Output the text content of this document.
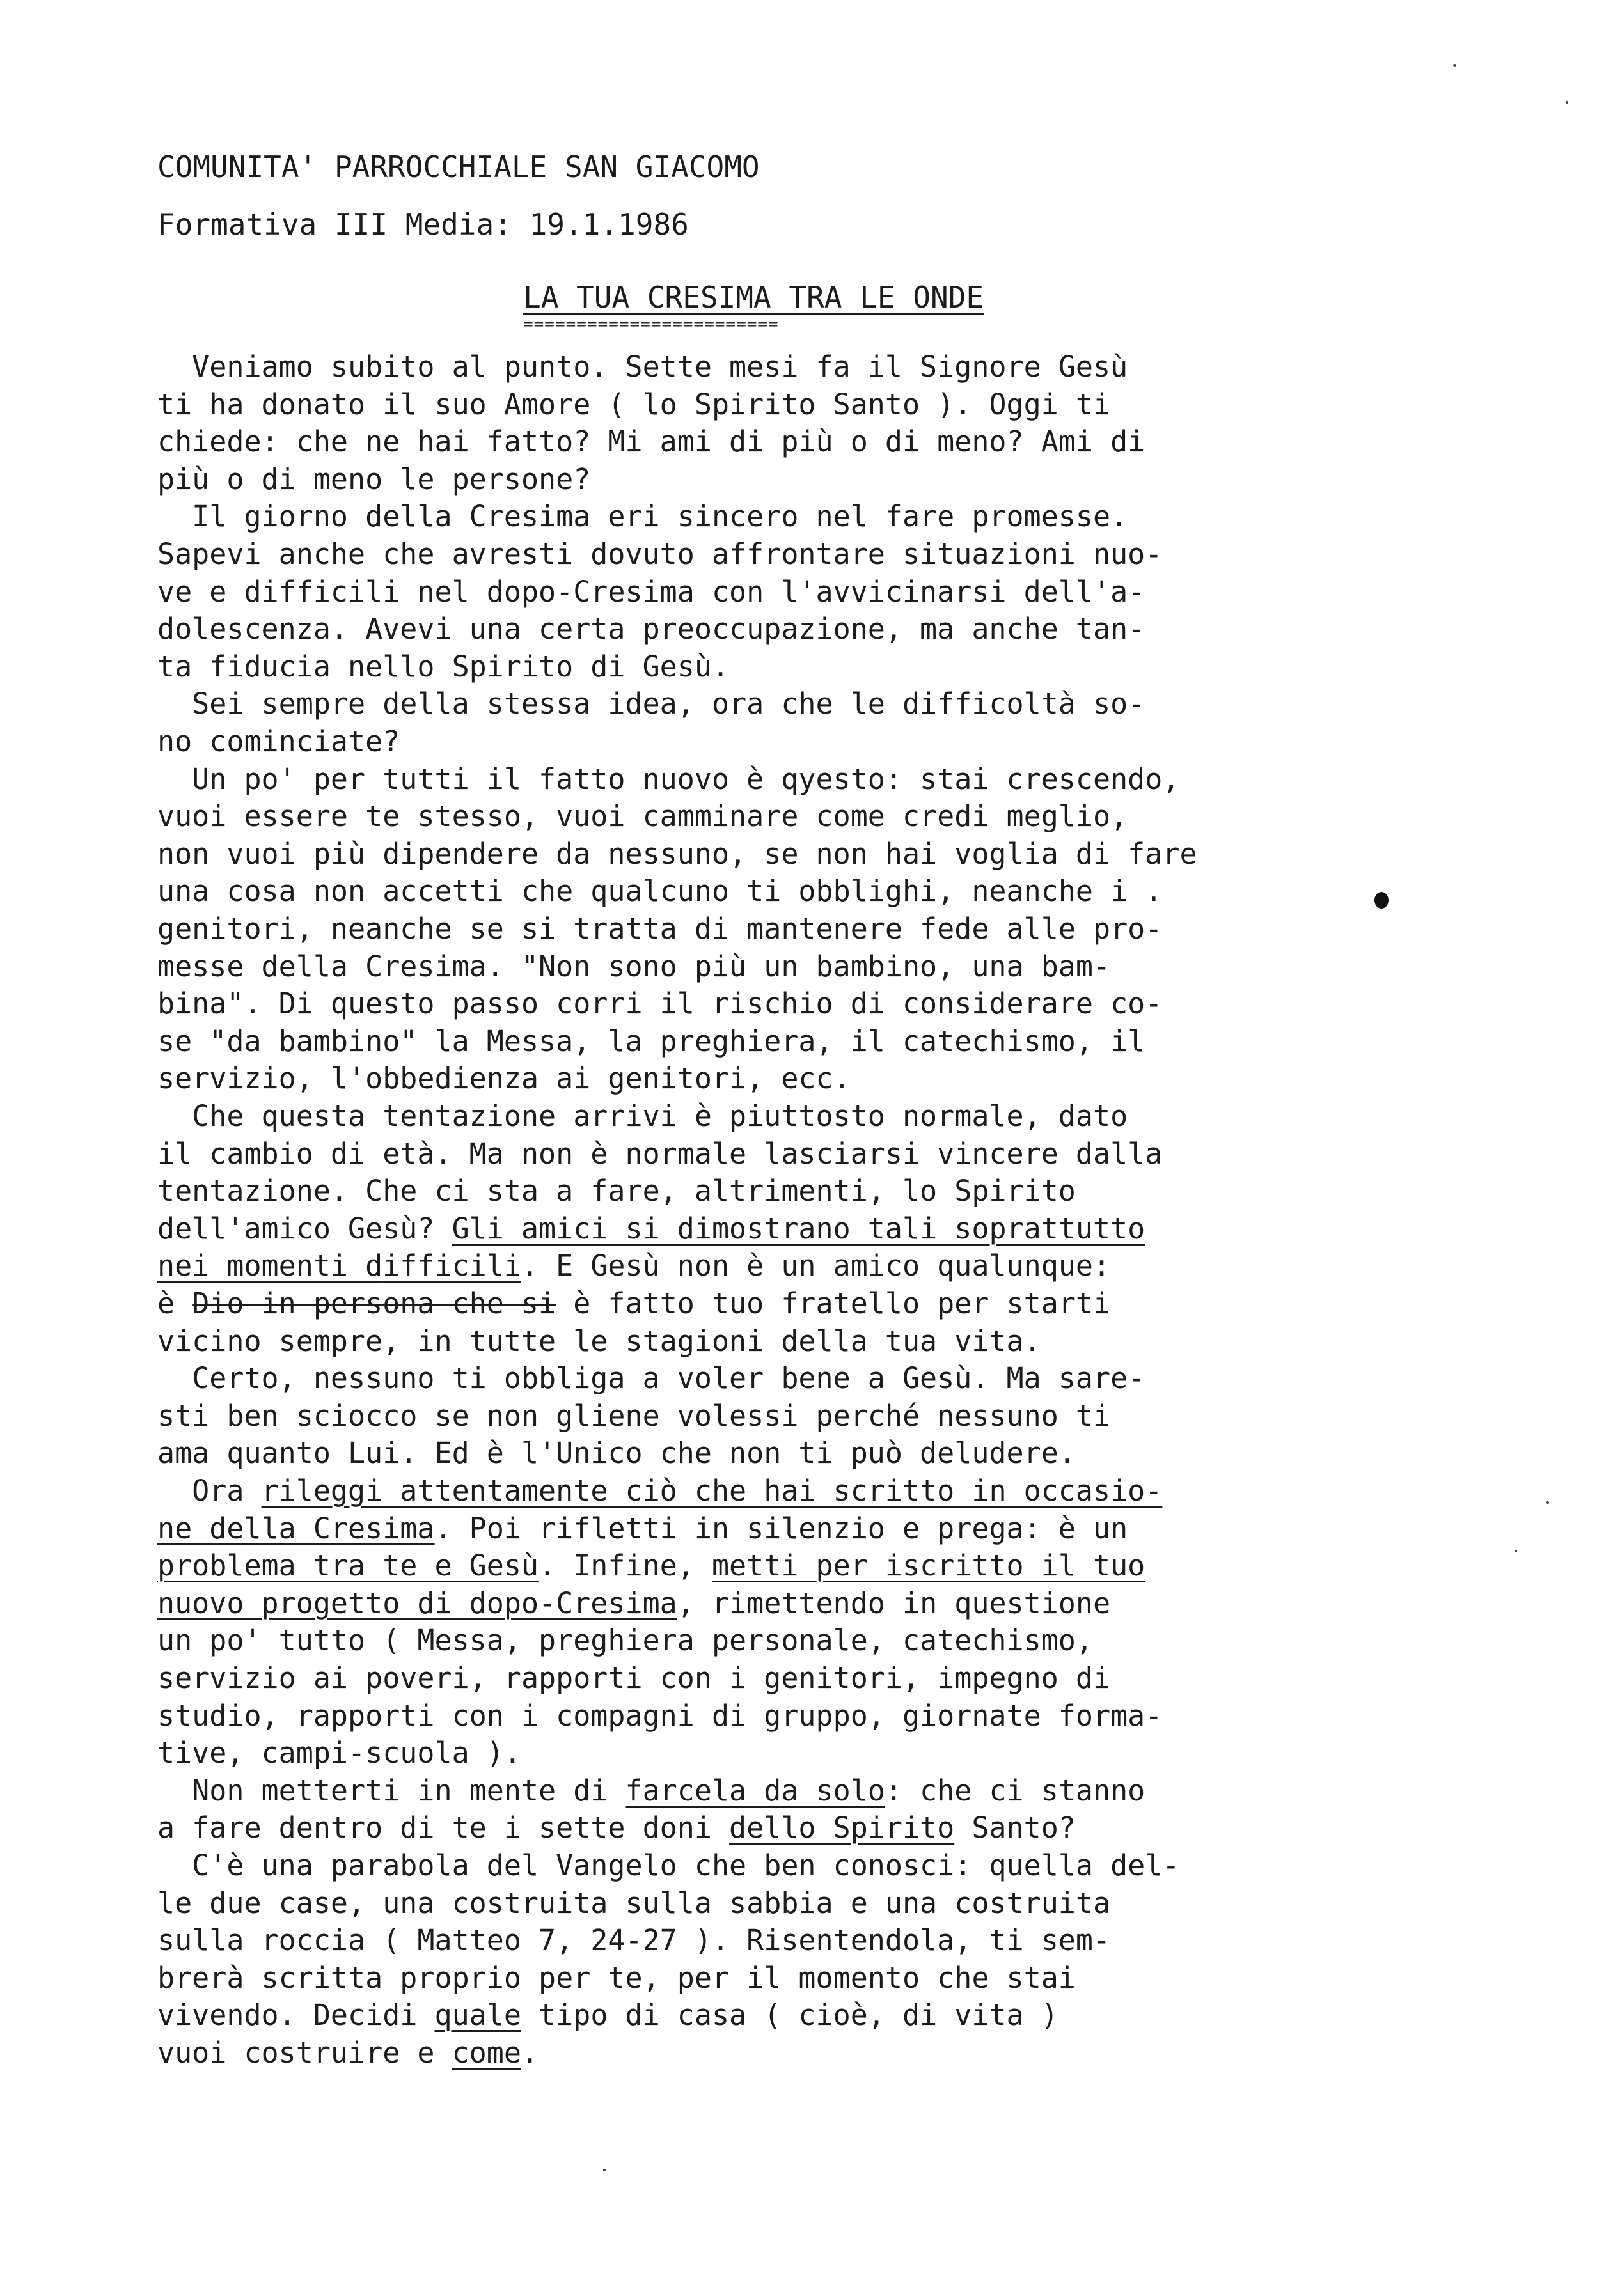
COMUNITA' PARROCCHIALE SAN GIACOMO
Formativa III Media: 19.1.1986
LA TUA CRESIMA TRA LE ONDE
========================
Veniamo subito al punto. Sette mesi fa il Signore Gesù
ti ha donato il suo Amore ( lo Spirito Santo ). Oggi ti
chiede: che ne hai fatto? Mi ami di più o di meno? Ami di
più o di meno le persone?
Il giorno della Cresima eri sincero nel fare promesse.
Sapevi anche che avresti dovuto affrontare situazioni nuo-
ve e difficili nel dopo-Cresima con l'avvicinarsi dell'a-
dolescenza. Avevi una certa preoccupazione, ma anche tan-
ta fiducia nello Spirito di Gesù.
Sei sempre della stessa idea, ora che le difficoltà so-
no cominciate?
Un po' per tutti il fatto nuovo è qyesto: stai crescendo,
vuoi essere te stesso, vuoi camminare come credi meglio,
non vuoi più dipendere da nessuno, se non hai voglia di fare
una cosa non accetti che qualcuno ti obblighi, neanche i .
genitori, neanche se si tratta di mantenere fede alle pro-
messe della Cresima. "Non sono più un bambino, una bam-
bina". Di questo passo corri il rischio di considerare co-
se "da bambino" la Messa, la preghiera, il catechismo, il
servizio, l'obbedienza ai genitori, ecc.
Che questa tentazione arrivi è piuttosto normale, dato
il cambio di età. Ma non è normale lasciarsi vincere dalla
tentazione. Che ci sta a fare, altrimenti, lo Spirito
dell'amico Gesù? Gli amici si dimostrano tali soprattutto
nei momenti difficili. E Gesù non è un amico qualunque:
è Dio in persona che si è fatto tuo fratello per starti
vicino sempre, in tutte le stagioni della tua vita.
Certo, nessuno ti obbliga a voler bene a Gesù. Ma sare-
sti ben sciocco se non gliene volessi perché nessuno ti
ama quanto Lui. Ed è l'Unico che non ti può deludere.
Ora rileggi attentamente ciò che hai scritto in occasio-
ne della Cresima. Poi rifletti in silenzio e prega: è un
problema tra te e Gesù. Infine, metti per iscritto il tuo
nuovo progetto di dopo-Cresima, rimettendo in questione
un po' tutto ( Messa, preghiera personale, catechismo,
servizio ai poveri, rapporti con i genitori, impegno di
studio, rapporti con i compagni di gruppo, giornate forma-
tive, campi-scuola ).
Non metterti in mente di farcela da solo: che ci stanno
a fare dentro di te i sette doni dello Spirito Santo?
C'è una parabola del Vangelo che ben conosci: quella del-
le due case, una costruita sulla sabbia e una costruita
sulla roccia ( Matteo 7, 24-27 ). Risentendola, ti sem-
brerà scritta proprio per te, per il momento che stai
vivendo. Decidi quale tipo di casa ( cioè, di vita )
vuoi costruire e come.
